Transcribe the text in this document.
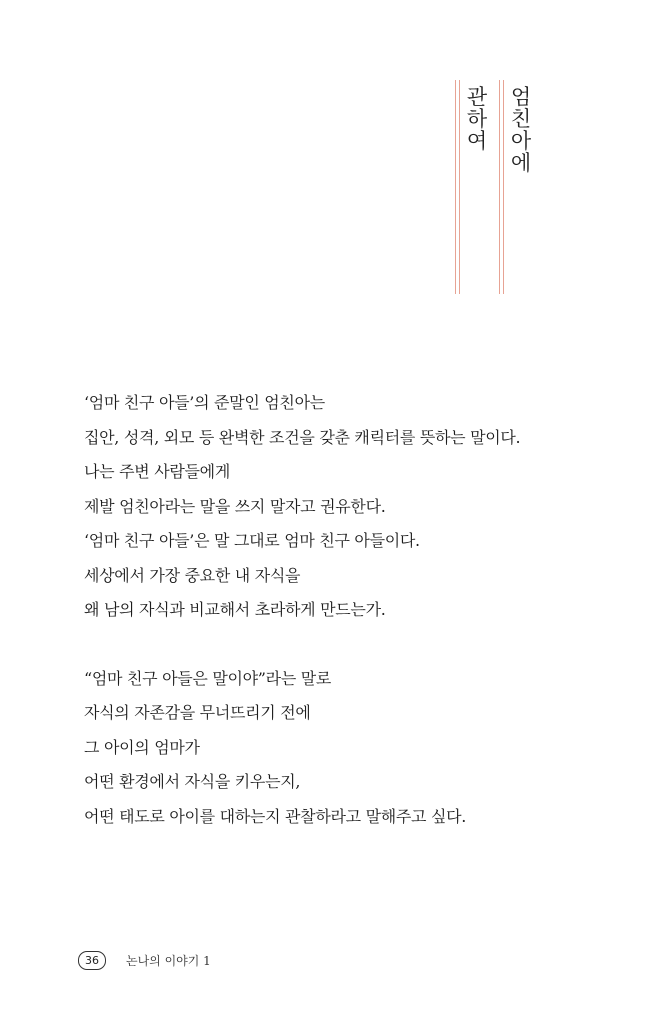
관
하
여
엄
친
아
에
‘엄마 친구 아들’의 준말인 엄친아는
집안, 성격, 외모 등 완벽한 조건을 갖춘 캐릭터를 뜻하는 말이다.
나는 주변 사람들에게
제발 엄친아라는 말을 쓰지 말자고 권유한다.
‘엄마 친구 아들’은 말 그대로 엄마 친구 아들이다.
세상에서 가장 중요한 내 자식을
왜 남의 자식과 비교해서 초라하게 만드는가.
“엄마 친구 아들은 말이야”라는 말로
자식의 자존감을 무너뜨리기 전에
그 아이의 엄마가
어떤 환경에서 자식을 키우는지,
어떤 태도로 아이를 대하는지 관찰하라고 말해주고 싶다.
36	논나의 이야기 1
